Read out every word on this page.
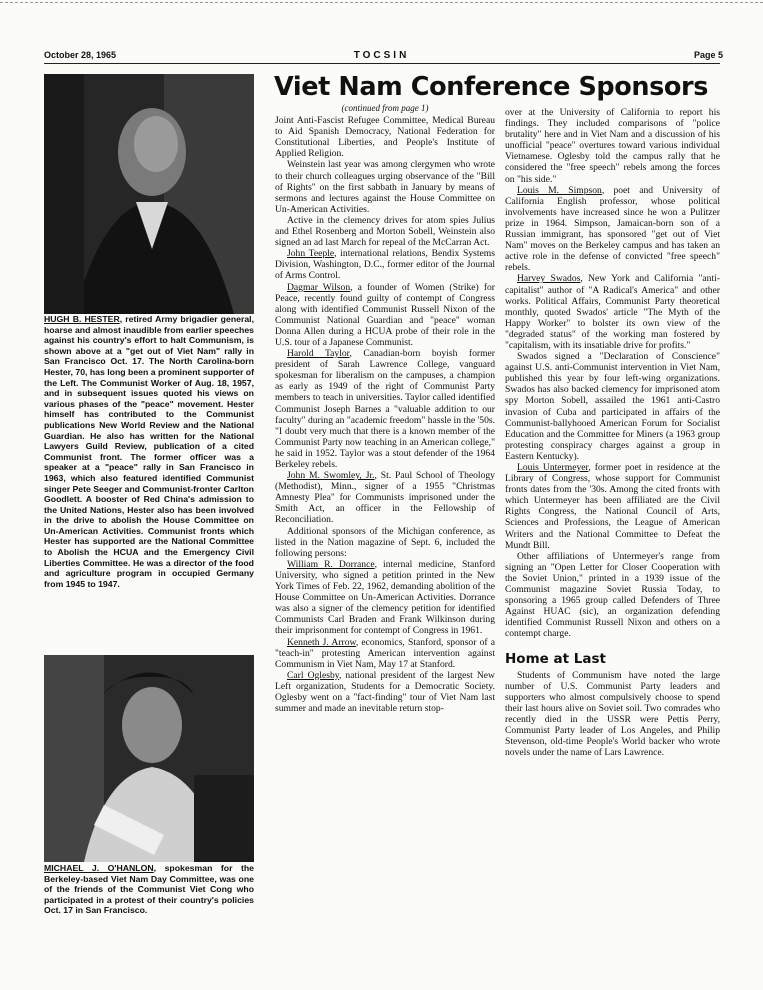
October 28, 1965	TOCSIN	Page 5
HUGH B. HESTER, retired Army brigadier general, hoarse and almost inaudible from earlier speeches against his country's effort to halt Communism, is shown above at a "get out of Viet Nam" rally in San Francisco Oct. 17. The North Carolina-born Hester, 70, has long been a prominent supporter of the Left. The Communist Worker of Aug. 18, 1957, and in subsequent issues quoted his views on various phases of the "peace" movement. Hester himself has contributed to the Communist publications New World Review and the National Guardian. He also has written for the National Lawyers Guild Review, publication of a cited Communist front. The former officer was a speaker at a "peace" rally in San Francisco in 1963, which also featured identified Communist singer Pete Seeger and Communist-fronter Carlton Goodlett. A booster of Red China's admission to the United Nations, Hester also has been involved in the drive to abolish the House Committee on Un-American Activities. Communist fronts which Hester has supported are the National Committee to Abolish the HCUA and the Emergency Civil Liberties Committee. He was a director of the food and agriculture program in occupied Germany from 1945 to 1947.
MICHAEL J. O'HANLON, spokesman for the Berkeley-based Viet Nam Day Committee, was one of the friends of the Communist Viet Cong who participated in a protest of their country's policies Oct. 17 in San Francisco.
Viet Nam Conference Sponsors
(continued from page 1)

Joint Anti-Fascist Refugee Committee, Medical Bureau to Aid Spanish Democracy, National Federation for Constitutional Liberties, and People's Institute of Applied Religion.

Weinstein last year was among clergymen who wrote to their church colleagues urging observance of the "Bill of Rights" on the first sabbath in January by means of sermons and lectures against the House Committee on Un-American Activities.

Active in the clemency drives for atom spies Julius and Ethel Rosenberg and Morton Sobell, Weinstein also signed an ad last March for repeal of the McCarran Act.

John Teeple, international relations, Bendix Systems Division, Washington, D.C., former editor of the Journal of Arms Control.

Dagmar Wilson, a founder of Women (Strike) for Peace, recently found guilty of contempt of Congress along with identified Communist Russell Nixon of the Communist National Guardian and "peace" woman Donna Allen during a HCUA probe of their role in the U.S. tour of a Japanese Communist.

Harold Taylor, Canadian-born boyish former president of Sarah Lawrence College, vanguard spokesman for liberalism on the campuses, a champion as early as 1949 of the right of Communist Party members to teach in universities. Taylor called identified Communist Joseph Barnes a "valuable addition to our faculty" during an "academic freedom" hassle in the '50s. "I doubt very much that there is a known member of the Communist Party now teaching in an American college," he said in 1952. Taylor was a stout defender of the 1964 Berkeley rebels.

John M. Swomley, Jr., St. Paul School of Theology (Methodist), Minn., signer of a 1955 "Christmas Amnesty Plea" for Communists imprisoned under the Smith Act, an officer in the Fellowship of Reconciliation.

Additional sponsors of the Michigan conference, as listed in the Nation magazine of Sept. 6, included the following persons:

William R. Dorrance, internal medicine, Stanford University, who signed a petition printed in the New York Times of Feb. 22, 1962, demanding abolition of the House Committee on Un-American Activities. Dorrance was also a signer of the clemency petition for identified Communists Carl Braden and Frank Wilkinson during their imprisonment for contempt of Congress in 1961.

Kenneth J. Arrow, economics, Stanford, sponsor of a "teach-in" protesting American intervention against Communism in Viet Nam, May 17 at Stanford.

Carl Oglesby, national president of the largest New Left organization, Students for a Democratic Society. Oglesby went on a "fact-finding" tour of Viet Nam last summer and made an inevitable return stop-

over at the University of California to report his findings. They included comparisons of "police brutality" here and in Viet Nam and a discussion of his unofficial "peace" overtures toward various individual Vietnamese. Oglesby told the campus rally that he considered the "free speech" rebels among the forces on "his side."

Louis M. Simpson, poet and University of California English professor, whose political involvements have increased since he won a Pulitzer prize in 1964. Simpson, Jamaican-born son of a Russian immigrant, has sponsored "get out of Viet Nam" moves on the Berkeley campus and has taken an active role in the defense of convicted "free speech" rebels.

Harvey Swados, New York and California "anti-capitalist" author of "A Radical's America" and other works. Political Affairs, Communist Party theoretical monthly, quoted Swados' article "The Myth of the Happy Worker" to bolster its own view of the "degraded status" of the working man fostered by "capitalism, with its insatiable drive for profits."

Swados signed a "Declaration of Conscience" against U.S. anti-Communist intervention in Viet Nam, published this year by four left-wing organizations. Swados has also backed clemency for imprisoned atom spy Morton Sobell, assailed the 1961 anti-Castro invasion of Cuba and participated in affairs of the Communist-ballyhooed American Forum for Socialist Education and the Committee for Miners (a 1963 group protesting conspiracy charges against a group in Eastern Kentucky).

Louis Untermeyer, former poet in residence at the Library of Congress, whose support for Communist fronts dates from the '30s. Among the cited fronts with which Untermeyer has been affiliated are the Civil Rights Congress, the National Council of Arts, Sciences and Professions, the League of American Writers and the National Committee to Defeat the Mundt Bill.

Other affiliations of Untermeyer's range from signing an "Open Letter for Closer Cooperation with the Soviet Union," printed in a 1939 issue of the Communist magazine Soviet Russia Today, to sponsoring a 1965 group called Defenders of Three Against HUAC (sic), an organization defending identified Communist Russell Nixon and others on a contempt charge.

Home at Last

Students of Communism have noted the large number of U.S. Communist Party leaders and supporters who almost compulsively choose to spend their last hours alive on Soviet soil. Two comrades who recently died in the USSR were Pettis Perry, Communist Party leader of Los Angeles, and Philip Stevenson, old-time People's World backer who wrote novels under the name of Lars Lawrence.
